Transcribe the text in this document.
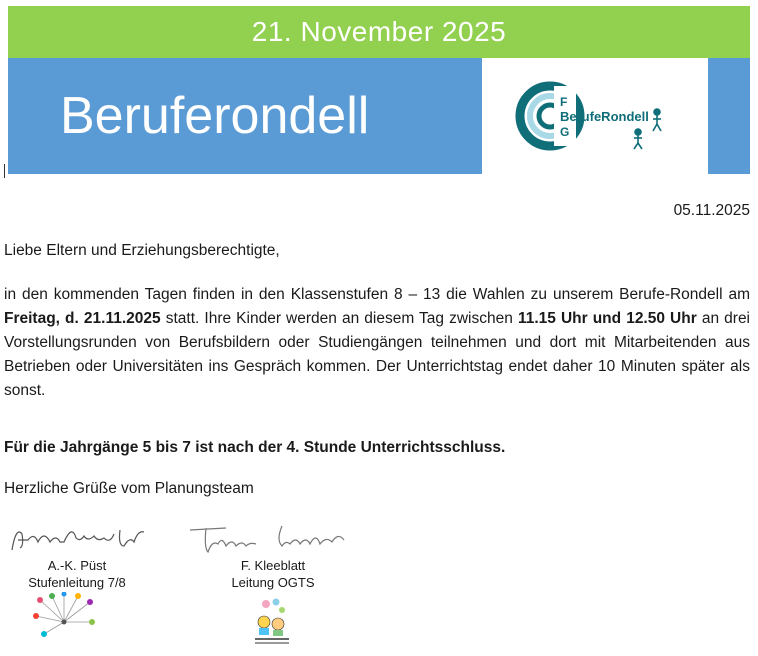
21. November 2025
Beruferondell	F
G
BerufeRondell
05.11.2025
Liebe Eltern und Erziehungsberechtigte,
in den kommenden Tagen finden in den Klassenstufen 8 – 13 die Wahlen zu unserem Berufe-Rondell am Freitag, d. 21.11.2025 statt. Ihre Kinder werden an diesem Tag zwischen 11.15 Uhr und 12.50 Uhr an drei Vorstellungsrunden von Berufsbildern oder Studiengängen teilnehmen und dort mit Mitarbeitenden aus Betrieben oder Universitäten ins Gespräch kommen. Der Unterrichtstag endet daher 10 Minuten später als sonst.
Für die Jahrgänge 5 bis 7 ist nach der 4. Stunde Unterrichtsschluss.
Herzliche Grüße vom Planungsteam
A.-K. Püst
Stufenleitung 7/8
F. Kleeblatt
Leitung OGTS
